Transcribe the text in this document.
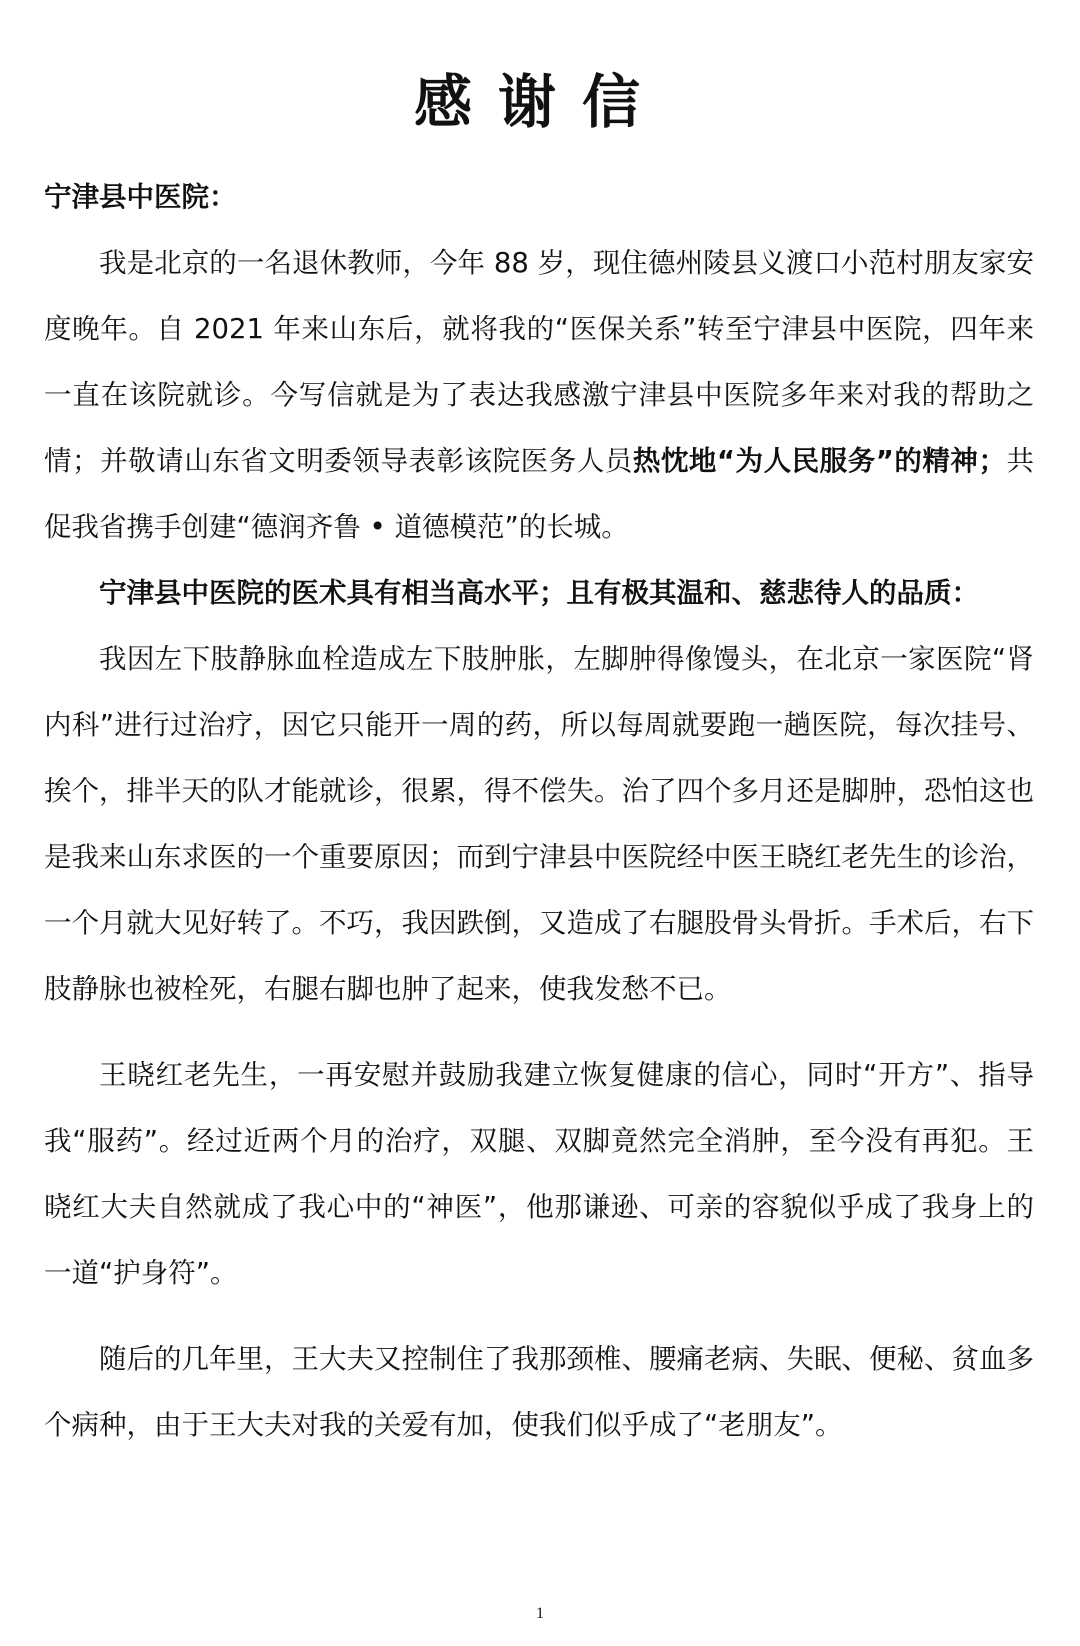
感谢信

宁津县中医院：

我是北京的一名退休教师，今年 88 岁，现住德州陵县义渡口小范村朋友家安度晚年。自 2021 年来山东后，就将我的“医保关系”转至宁津县中医院，四年来一直在该院就诊。今写信就是为了表达我感激宁津县中医院多年来对我的帮助之情；并敬请山东省文明委领导表彰该院医务人员热忱地“为人民服务”的精神；共促我省携手创建“德润齐鲁 • 道德模范”的长城。

宁津县中医院的医术具有相当高水平；且有极其温和、慈悲待人的品质：

我因左下肢静脉血栓造成左下肢肿胀，左脚肿得像馒头，在北京一家医院“肾内科”进行过治疗，因它只能开一周的药，所以每周就要跑一趟医院，每次挂号、挨个，排半天的队才能就诊，很累，得不偿失。治了四个多月还是脚肿，恐怕这也是我来山东求医的一个重要原因；而到宁津县中医院经中医王晓红老先生的诊治，一个月就大见好转了。不巧，我因跌倒，又造成了右腿股骨头骨折。手术后，右下肢静脉也被栓死，右腿右脚也肿了起来，使我发愁不已。

王晓红老先生，一再安慰并鼓励我建立恢复健康的信心，同时“开方”、指导我“服药”。经过近两个月的治疗，双腿、双脚竟然完全消肿，至今没有再犯。王晓红大夫自然就成了我心中的“神医”，他那谦逊、可亲的容貌似乎成了我身上的一道“护身符”。

随后的几年里，王大夫又控制住了我那颈椎、腰痛老病、失眠、便秘、贫血多个病种，由于王大夫对我的关爱有加，使我们似乎成了“老朋友”。

1
